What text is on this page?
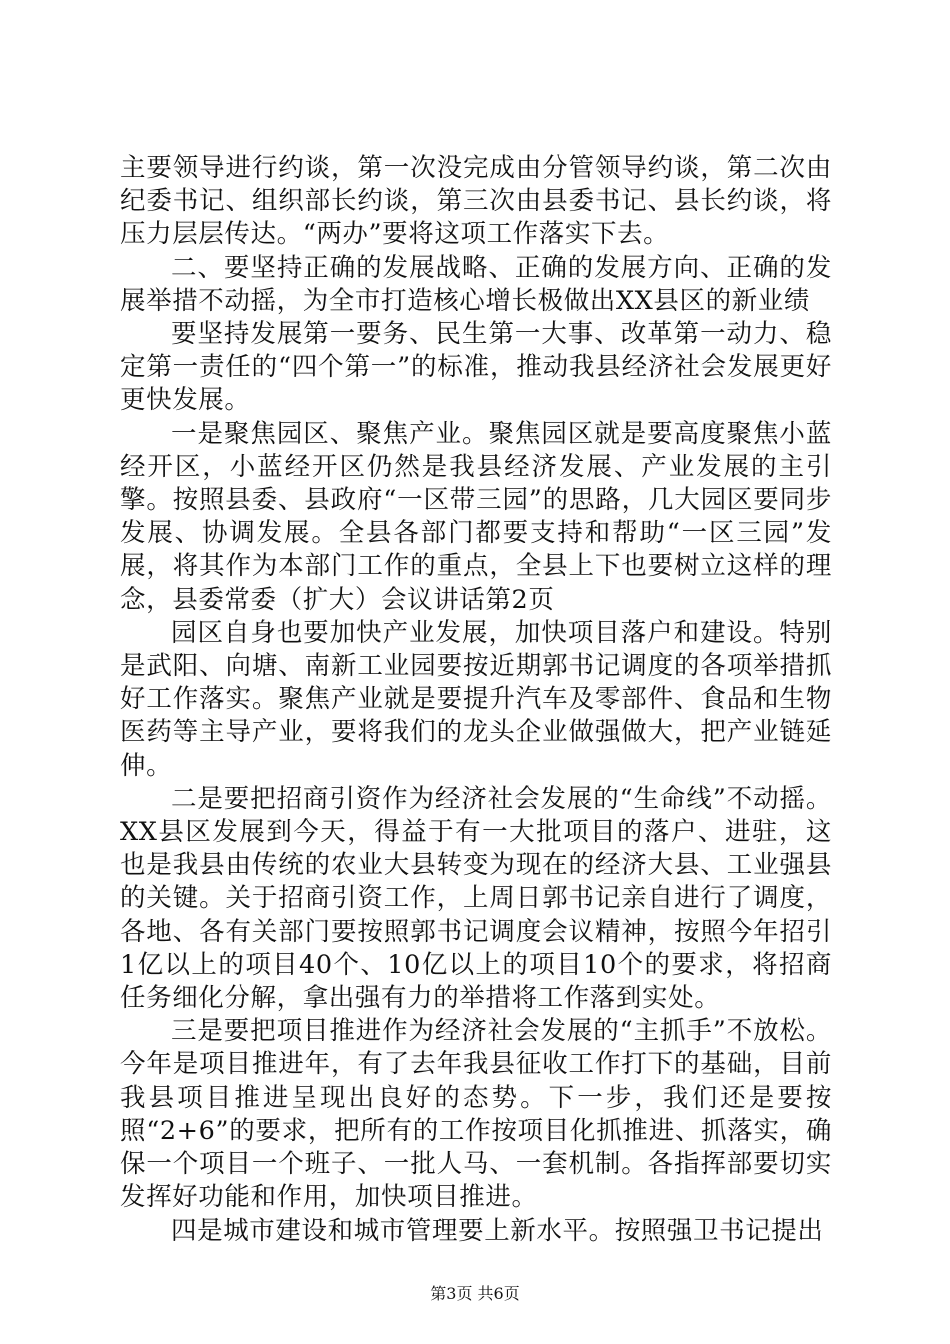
主要领导进行约谈，第一次没完成由分管领导约谈，第二次由纪委书记、组织部长约谈，第三次由县委书记、县长约谈，将压力层层传达。“两办”要将这项工作落实下去。

二、要坚持正确的发展战略、正确的发展方向、正确的发展举措不动摇，为全市打造核心增长极做出XX县区的新业绩

要坚持发展第一要务、民生第一大事、改革第一动力、稳定第一责任的“四个第一”的标准，推动我县经济社会发展更好更快发展。

一是聚焦园区、聚焦产业。聚焦园区就是要高度聚焦小蓝经开区，小蓝经开区仍然是我县经济发展、产业发展的主引擎。按照县委、县政府“一区带三园”的思路，几大园区要同步发展、协调发展。全县各部门都要支持和帮助“一区三园”发展，将其作为本部门工作的重点，全县上下也要树立这样的理念，县委常委（扩大）会议讲话第2页

园区自身也要加快产业发展，加快项目落户和建设。特别是武阳、向塘、南新工业园要按近期郭书记调度的各项举措抓好工作落实。聚焦产业就是要提升汽车及零部件、食品和生物医药等主导产业，要将我们的龙头企业做强做大，把产业链延伸。

二是要把招商引资作为经济社会发展的“生命线”不动摇。XX县区发展到今天，得益于有一大批项目的落户、进驻，这也是我县由传统的农业大县转变为现在的经济大县、工业强县的关键。关于招商引资工作，上周日郭书记亲自进行了调度，各地、各有关部门要按照郭书记调度会议精神，按照今年招引1亿以上的项目40个、10亿以上的项目10个的要求，将招商任务细化分解，拿出强有力的举措将工作落到实处。

三是要把项目推进作为经济社会发展的“主抓手”不放松。今年是项目推进年，有了去年我县征收工作打下的基础，目前我县项目推进呈现出良好的态势。下一步，我们还是要按照“2+6”的要求，把所有的工作按项目化抓推进、抓落实，确保一个项目一个班子、一批人马、一套机制。各指挥部要切实发挥好功能和作用，加快项目推进。

四是城市建设和城市管理要上新水平。按照强卫书记提出

第3页 共6页
